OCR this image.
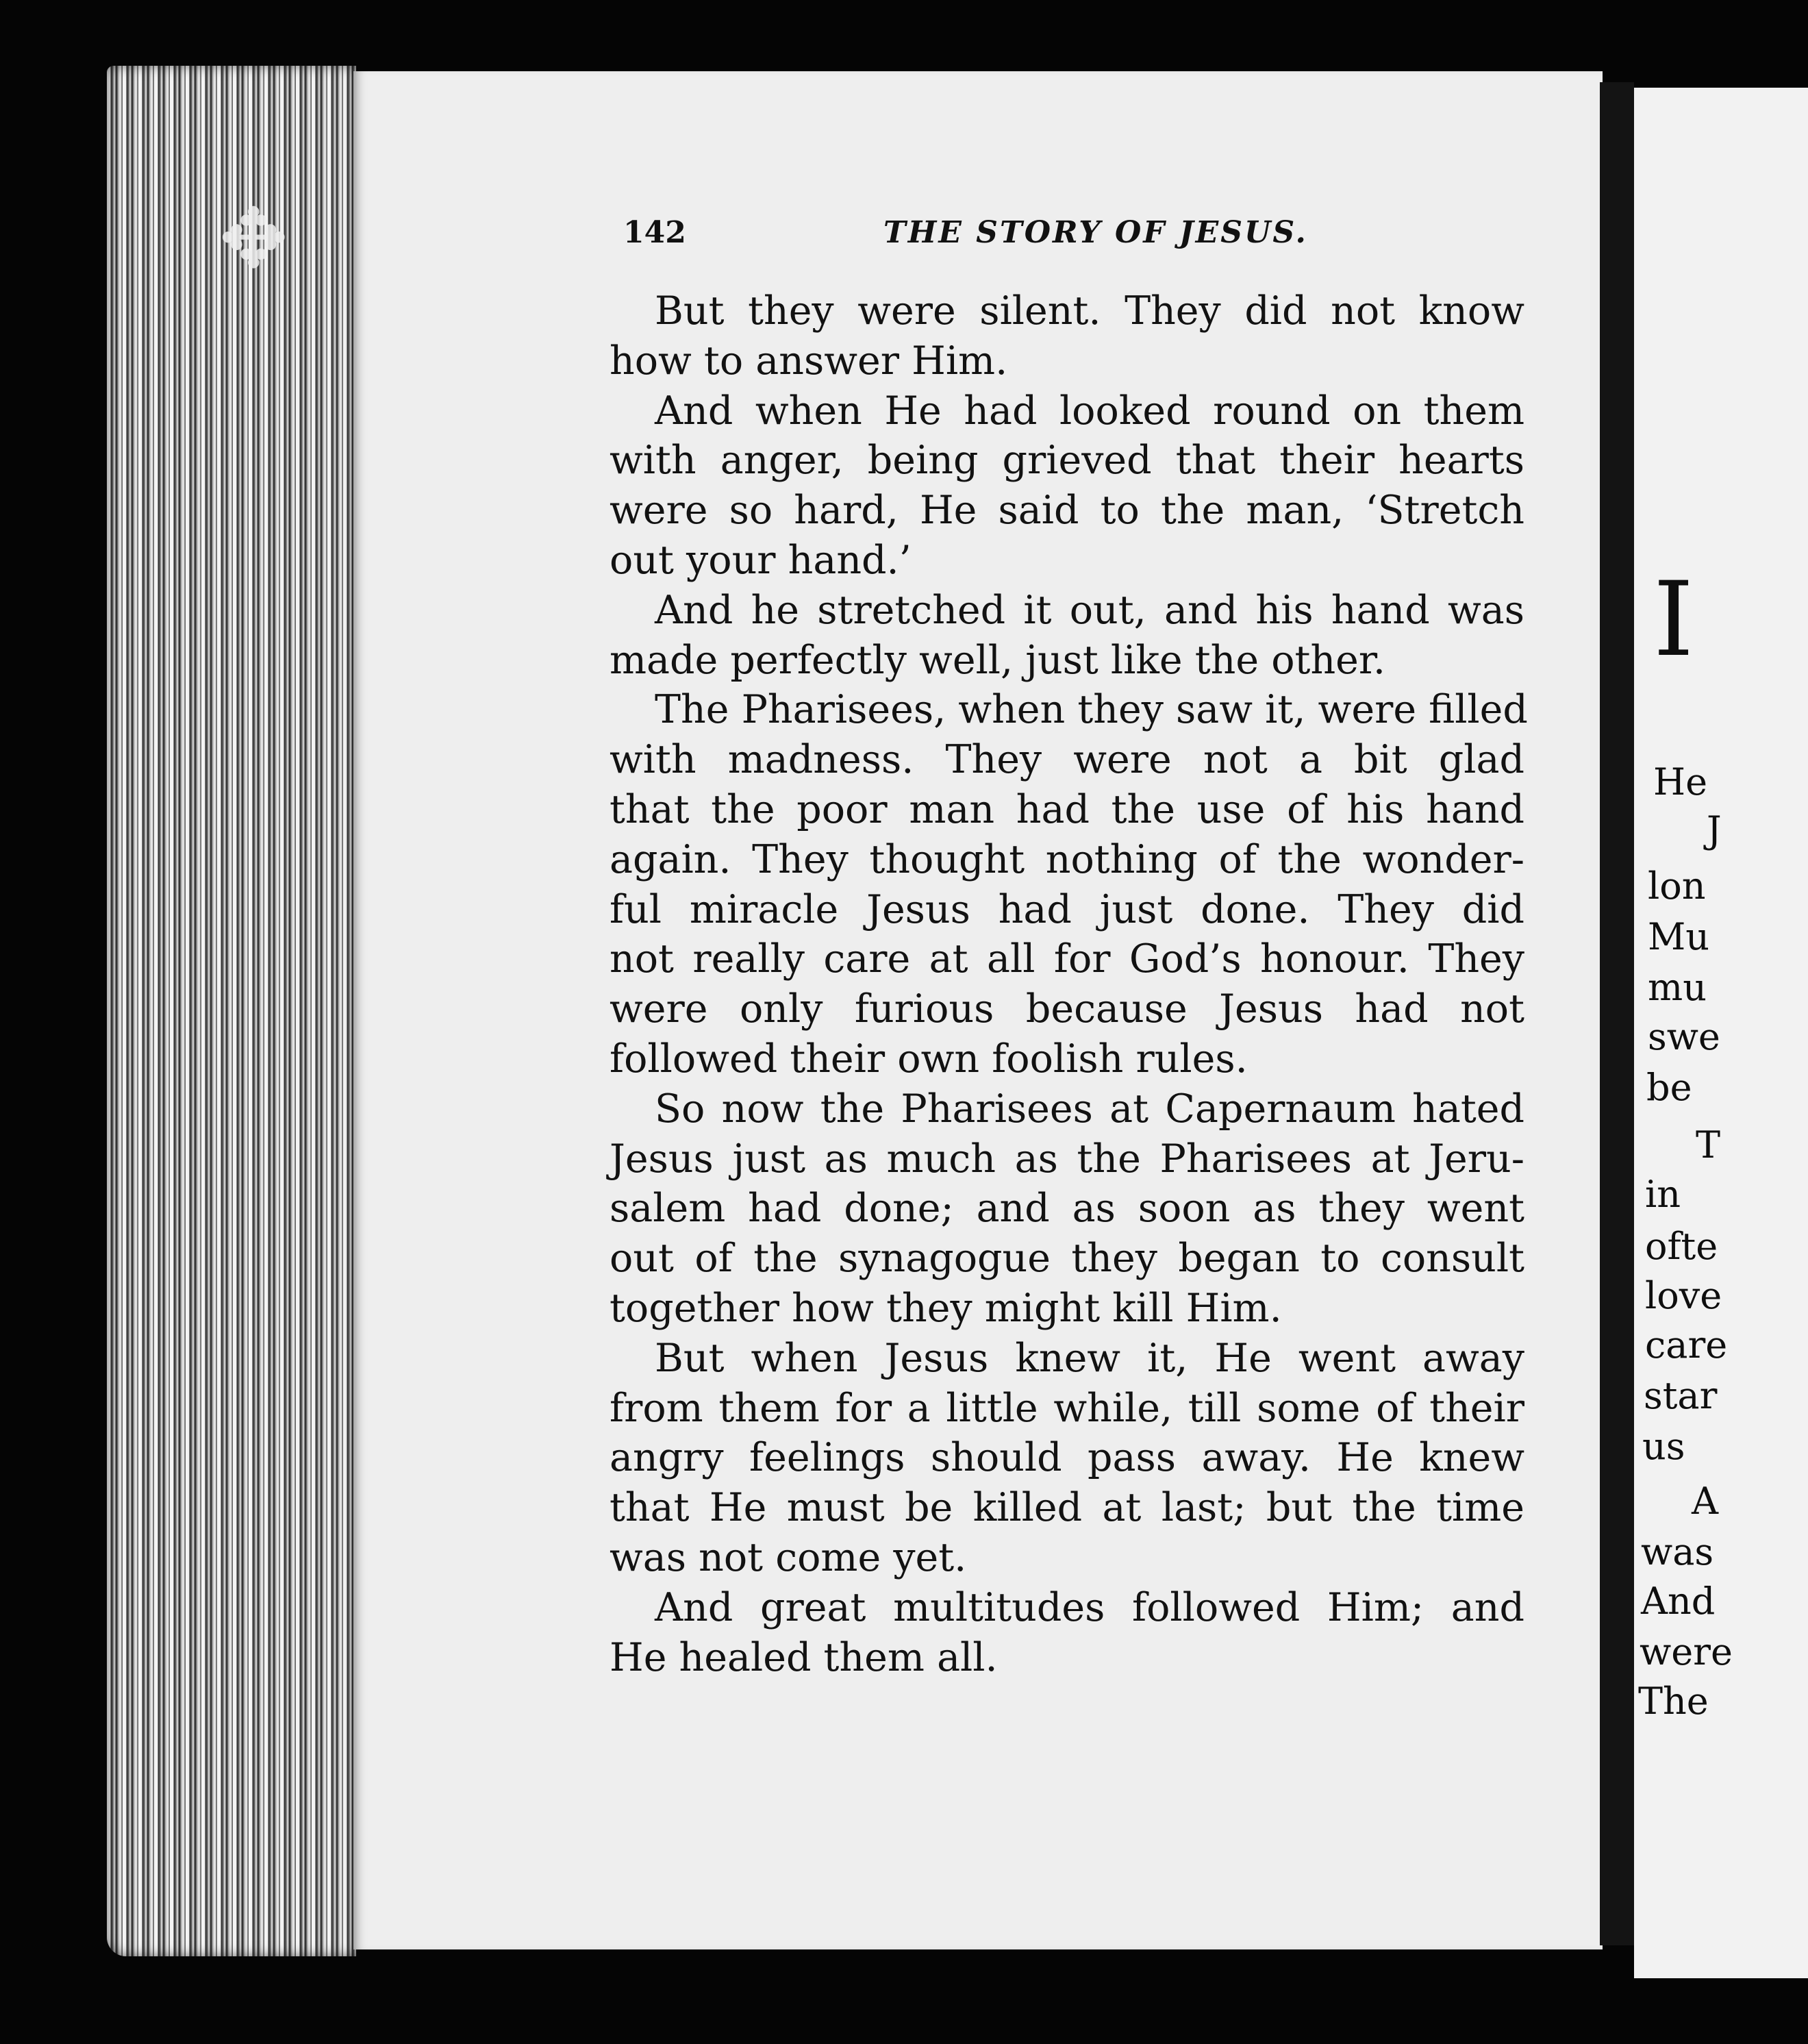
✥
I
He
J
lon
Mu
mu
swe
be
T
in
ofte
love
care
star
us
A
was
And
were
The
142	THE STORY OF JESUS.
But they were silent. They did not know
how to answer Him.
And when He had looked round on them
with anger, being grieved that their hearts
were so hard, He said to the man, ‘Stretch
out your hand.’
And he stretched it out, and his hand was
made perfectly well, just like the other.
The Pharisees, when they saw it, were filled
with madness. They were not a bit glad
that the poor man had the use of his hand
again. They thought nothing of the wonder-
ful miracle Jesus had just done. They did
not really care at all for God’s honour. They
were only furious because Jesus had not
followed their own foolish rules.
So now the Pharisees at Capernaum hated
Jesus just as much as the Pharisees at Jeru-
salem had done; and as soon as they went
out of the synagogue they began to consult
together how they might kill Him.
But when Jesus knew it, He went away
from them for a little while, till some of their
angry feelings should pass away. He knew
that He must be killed at last; but the time
was not come yet.
And great multitudes followed Him; and
He healed them all.
